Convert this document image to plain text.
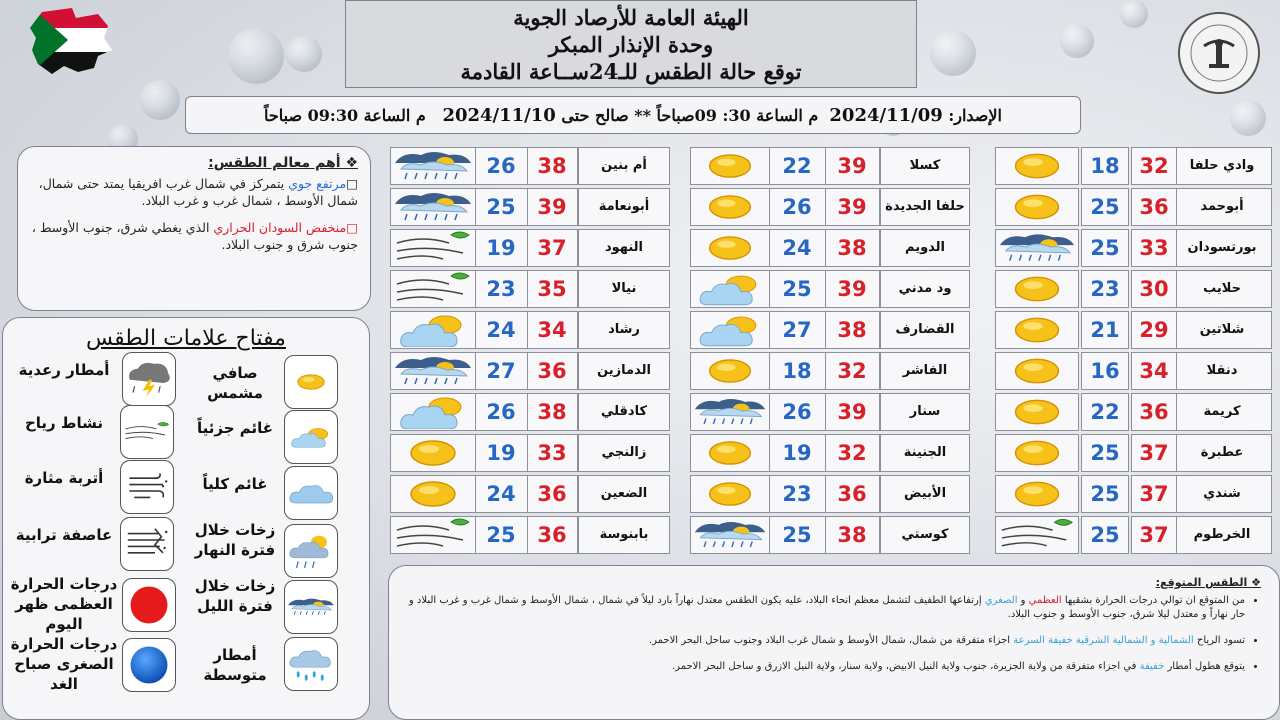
الهيئة العامة للأرصاد الجوية
وحدة الإنذار المبكر
توقع حالة الطقس للـ24ســاعة القادمة
الإصدار:

2024/11/09

م الساعة 30: 09صباحاً

** صالح حتى

2024/11/10

م الساعة 09:30 صباحاً
❖ أهم معالم الطقس:

□مرتفع جوي يتمركز في شمال غرب افريقيا يمتد حتى شمال، شمال الأوسط ، شمال غرب و غرب البلاد.

□منخفض السودان الحراري الذي يغطي شرق، جنوب الأوسط ، جنوب شرق و جنوب البلاد.

مفتاح علامات الطقس
❖ الطقس المتوقع:
• من المتوقع ان توالي درجات الحرارة بشقيها العظمي و الصغري إرتفاعها الطفيف لتشمل معظم انحاء البلاد، عليه يكون الطقس معتدل نهاراً بارد ليلاً في شمال ، شمال الأوسط و شمال غرب و غرب البلاد و حار نهاراً و معتدل ليلا شرق، جنوب الأوسط و جنوب البلاد.
• تسود الرياح الشمالية و الشمالية الشرقية خفيفة السرعة اجزاء متفرقة من شمال، شمال الأوسط و شمال غرب البلاد وجنوب ساحل البحر الاحمر.
• يتوقع هطول أمطار خفيفة في اجزاء متفرقة من ولاية الجزيرة، جنوب ولاية النيل الابيض، ولاية سنار، ولاية النيل الازرق و ساحل البحر الاحمر.
وادي حلفا
32
18
أبوحمد
36
25
بورتسودان
33
25
حلايب
30
23
شلاتين
29
21
دنقلا
34
16
كريمة
36
22
عطبرة
37
25
شندي
37
25
الخرطوم
37
25
كسلا
39
22
حلفا الجديدة
39
26
الدويم
38
24
ود مدني
39
25
القضارف
38
27
الفاشر
32
18
سنار
39
26
الجنينة
32
19
الأبيض
36
23
كوستي
38
25
أم بنين
38
26
أبونعامة
39
25
النهود
37
19
نيالا
35
23
رشاد
34
24
الدمازين
36
27
كادقلي
38
26
زالنجي
33
19
الضعين
36
24
بابنوسة
36
25
صافي مشمس
أمطار رعدية
غائم جزئياً
نشاط رياح
غائم كلياً
أتربة مثارة
زخات خلال فترة النهار
عاصفة ترابية
زخات خلال فترة الليل
درجات الحرارة العظمى ظهر اليوم
أمطار متوسطة
درجات الحرارة الصغرى صباح الغد
